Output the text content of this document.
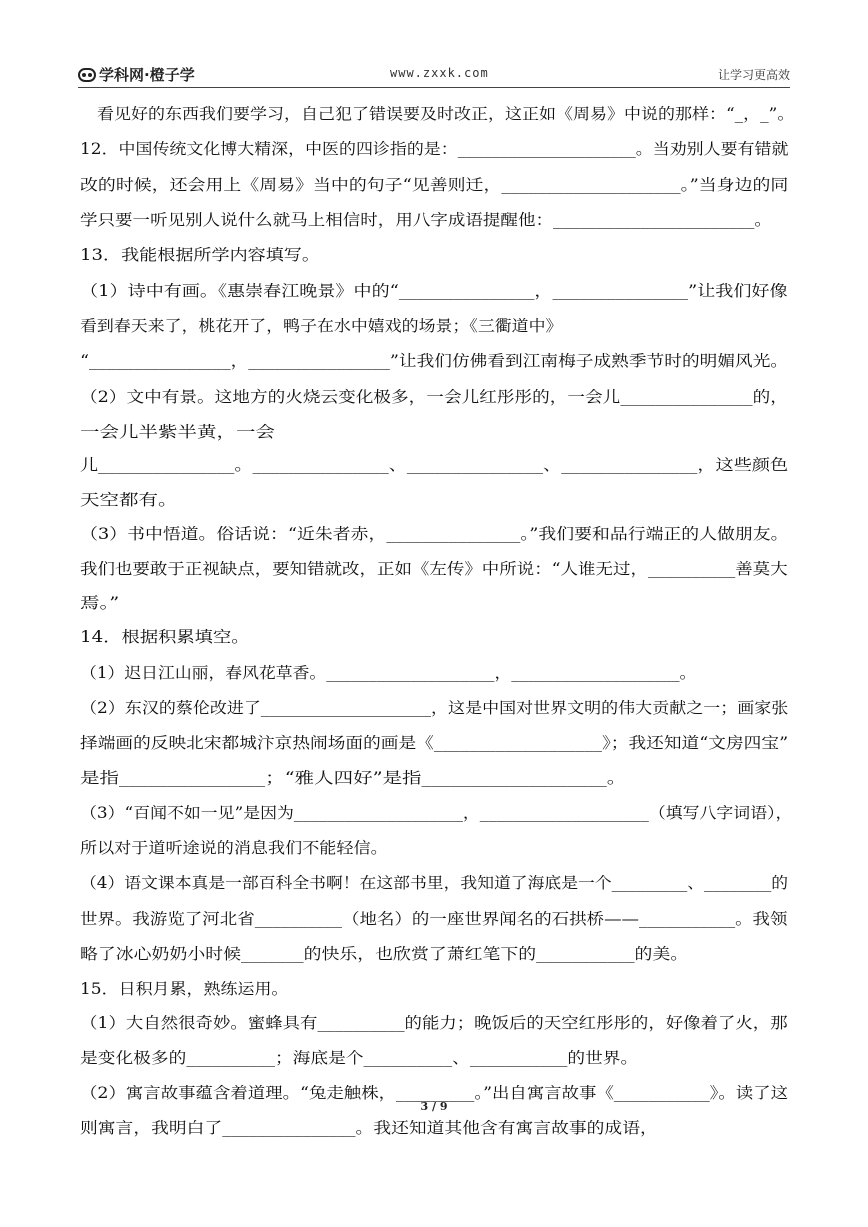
学科网·橙子学	www.zxxk.com	让学习更高效
　看见好的东西我们要学习，自己犯了错误要及时改正，这正如《周易》中说的那样：“_，_”。
12．中国传统文化博大精深，中医的四诊指的是：_____________________。当劝别人要有错就
改的时候，还会用上《周易》当中的句子“见善则迁，____________________。”当身边的同
学只要一听见别人说什么就马上相信时，用八字成语提醒他：_______________________。
13．我能根据所学内容填写。
（1）诗中有画。《惠崇春江晚景》中的“_______________，_______________”让我们好像
看到春天来了，桃花开了，鸭子在水中嬉戏的场景；《三衢道中》
“________________，________________”让我们仿佛看到江南梅子成熟季节时的明媚风光。
（2）文中有景。这地方的火烧云变化极多，一会儿红彤彤的，一会儿_______________的，
一会儿半紫半黄，一会
儿_______________。_______________、_______________、_______________，这些颜色
天空都有。
（3）书中悟道。俗话说：“近朱者赤，_______________。”我们要和品行端正的人做朋友。
我们也要敢于正视缺点，要知错就改，正如《左传》中所说：“人谁无过，__________善莫大
焉。”
14．根据积累填空。
（1）迟日江山丽，春风花草香。____________________，____________________。
（2）东汉的蔡伦改进了____________________，这是中国对世界文明的伟大贡献之一；画家张
择端画的反映北宋都城汴京热闹场面的画是《___________________》；我还知道“文房四宝”
是指_______________；“雅人四好”是指___________________。
（3）“百闻不如一见”是因为____________________，____________________（填写八字词语），
所以对于道听途说的消息我们不能轻信。
（4）语文课本真是一部百科全书啊！在这部书里，我知道了海底是一个_________、________的
世界。我游览了河北省__________（地名）的一座世界闻名的石拱桥——___________。我领
略了冰心奶奶小时候_______的快乐，也欣赏了萧红笔下的___________的美。
15．日积月累，熟练运用。
（1）大自然很奇妙。蜜蜂具有__________的能力；晚饭后的天空红彤彤的，好像着了火，那
是变化极多的__________；海底是个__________、___________的世界。
（2）寓言故事蕴含着道理。“兔走触株，_________。”出自寓言故事《___________》。读了这
则寓言，我明白了_______________。我还知道其他含有寓言故事的成语，
3 / 9
